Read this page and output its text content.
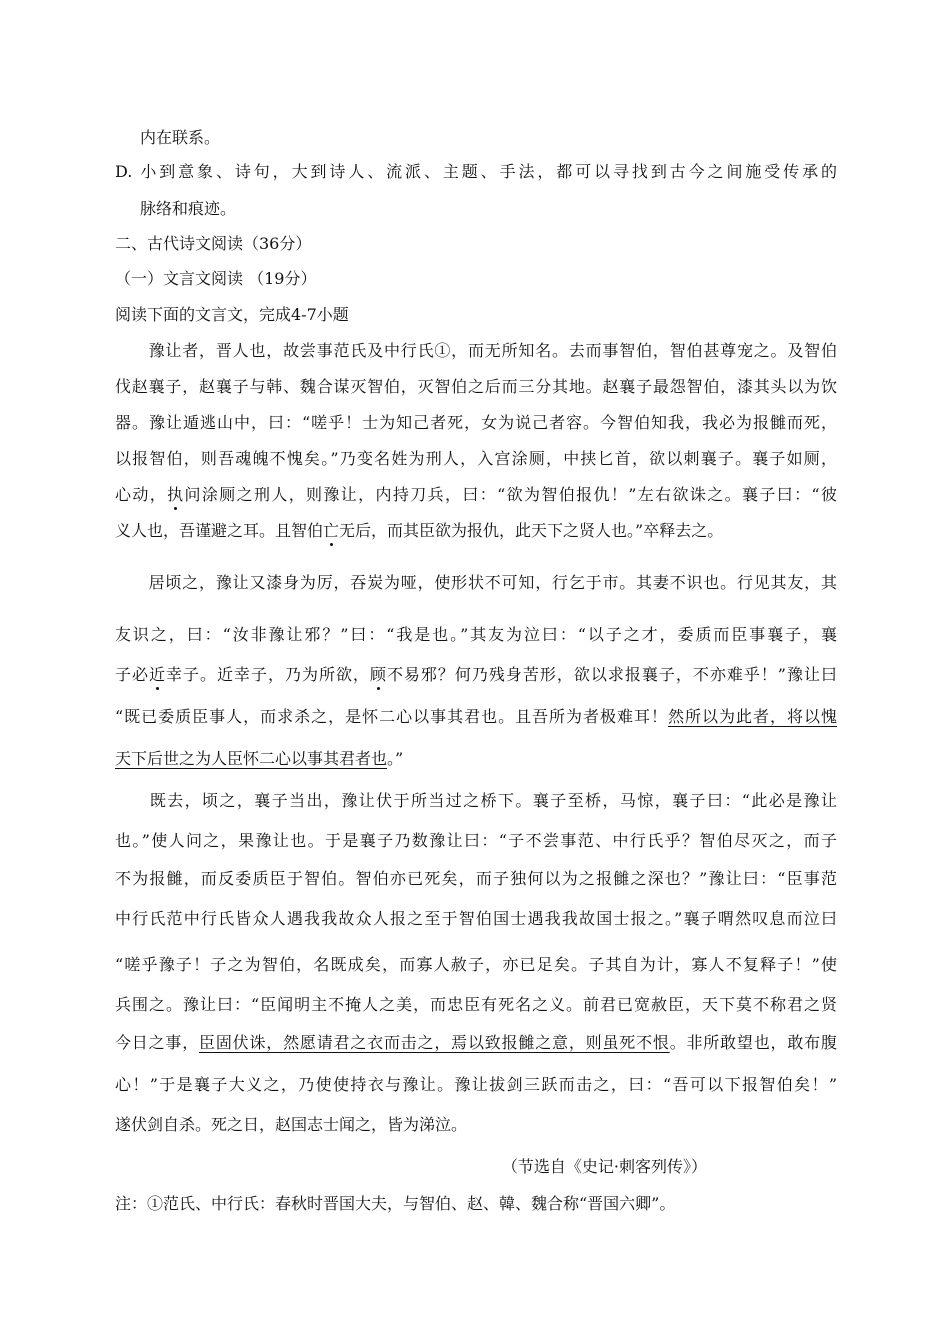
内在联系。
D. 小到意象、诗句，大到诗人、流派、主题、手法，都可以寻找到古今之间施受传承的
脉络和痕迹。
二、古代诗文阅读（36分）
（一）文言文阅读 （19分）
阅读下面的文言文，完成4-7小题
　　豫让者，晋人也，故尝事范氏及中行氏①，而无所知名。去而事智伯，智伯甚尊宠之。及智伯
伐赵襄子，赵襄子与韩、魏合谋灭智伯，灭智伯之后而三分其地。赵襄子最怨智伯，漆其头以为饮
器。豫让遁逃山中，曰：“嗟乎！士为知己者死，女为说己者容。今智伯知我，我必为报雠而死，
以报智伯，则吾魂魄不愧矣。”乃变名姓为刑人，入宫涂厕，中挟匕首，欲以刺襄子。襄子如厕，
心动，执问涂厕之刑人，则豫让，内持刀兵，曰：“欲为智伯报仇！”左右欲诛之。襄子曰：“彼
义人也，吾谨避之耳。且智伯亡无后，而其臣欲为报仇，此天下之贤人也。”卒释去之。
　　居顷之，豫让又漆身为厉，吞炭为哑，使形状不可知，行乞于市。其妻不识也。行见其友，其
友识之，曰：“汝非豫让邪？”曰：“我是也。”其友为泣曰：“以子之才，委质而臣事襄子，襄
子必近幸子。近幸子，乃为所欲，顾不易邪？何乃残身苦形，欲以求报襄子，不亦难乎！”豫让曰
“既已委质臣事人，而求杀之，是怀二心以事其君也。且吾所为者极难耳！然所以为此者，将以愧
天下后世之为人臣怀二心以事其君者也。”
　　既去，顷之，襄子当出，豫让伏于所当过之桥下。襄子至桥，马惊，襄子曰：“此必是豫让
也。”使人问之，果豫让也。于是襄子乃数豫让曰：“子不尝事范、中行氏乎？智伯尽灭之，而子
不为报雠，而反委质臣于智伯。智伯亦已死矣，而子独何以为之报雠之深也？”豫让曰：“臣事范
中行氏范中行氏皆众人遇我我故众人报之至于智伯国士遇我我故国士报之。”襄子喟然叹息而泣曰
“嗟乎豫子！子之为智伯，名既成矣，而寡人赦子，亦已足矣。子其自为计，寡人不复释子！”使
兵围之。豫让曰：“臣闻明主不掩人之美，而忠臣有死名之义。前君已宽赦臣，天下莫不称君之贤
今日之事，臣固伏诛，然愿请君之衣而击之，焉以致报雠之意，则虽死不恨。非所敢望也，敢布腹
心！”于是襄子大义之，乃使使持衣与豫让。豫让拔剑三跃而击之，曰：“吾可以下报智伯矣！”
遂伏剑自杀。死之日，赵国志士闻之，皆为涕泣。
（节选自《史记·刺客列传》）
注：①范氏、中行氏：春秋时晋国大夫，与智伯、赵、韓、魏合称“晋国六卿”。
